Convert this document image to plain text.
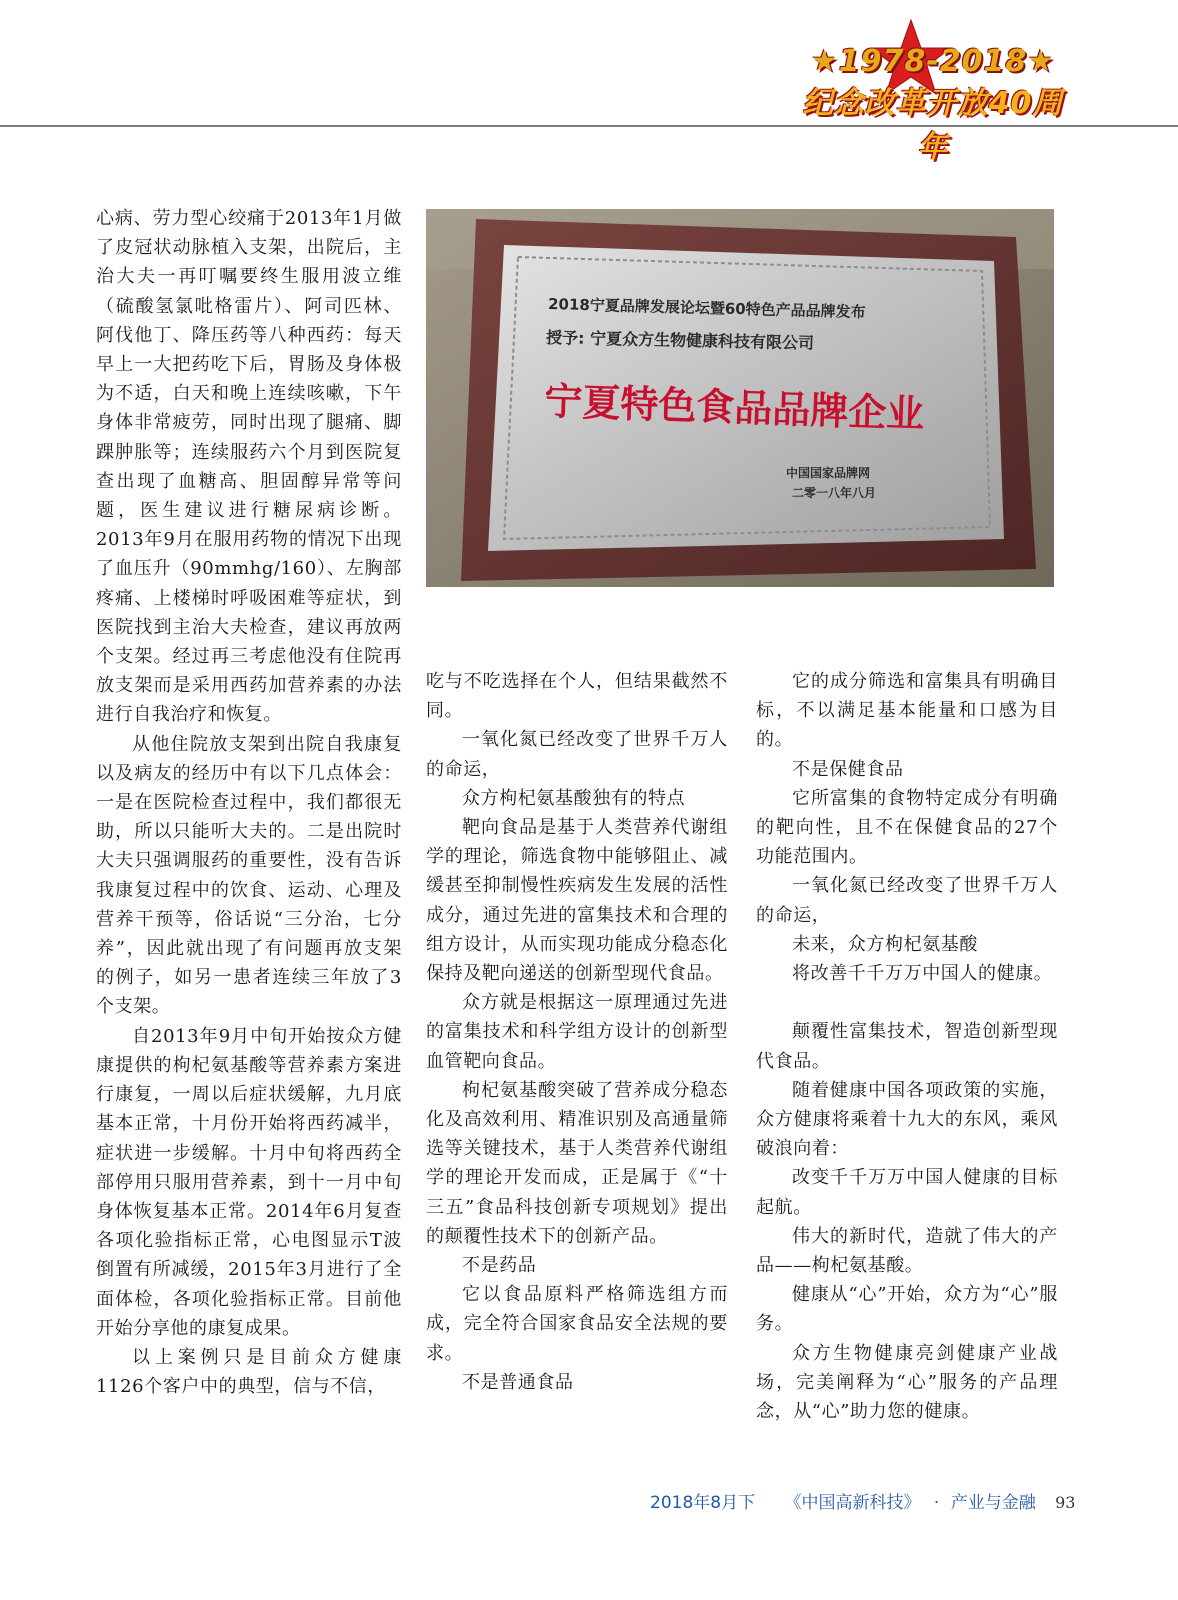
★1978-2018★
纪念改革开放40周年

心病、劳力型心绞痛于2013年1月做了皮冠状动脉植入支架，出院后，主治大夫一再叮嘱要终生服用波立维（硫酸氢氯吡格雷片）、阿司匹林、阿伐他丁、降压药等八种西药：每天早上一大把药吃下后，胃肠及身体极为不适，白天和晚上连续咳嗽，下午身体非常疲劳，同时出现了腿痛、脚踝肿胀等；连续服药六个月到医院复查出现了血糖高、胆固醇异常等问题，医生建议进行糖尿病诊断。2013年9月在服用药物的情况下出现了血压升（90mmhg/160）、左胸部疼痛、上楼梯时呼吸困难等症状，到医院找到主治大夫检查，建议再放两个支架。经过再三考虑他没有住院再放支架而是采用西药加营养素的办法进行自我治疗和恢复。

从他住院放支架到出院自我康复以及病友的经历中有以下几点体会：一是在医院检查过程中，我们都很无助，所以只能听大夫的。二是出院时大夫只强调服药的重要性，没有告诉我康复过程中的饮食、运动、心理及营养干预等，俗话说“三分治，七分养”，因此就出现了有问题再放支架的例子，如另一患者连续三年放了3个支架。

自2013年9月中旬开始按众方健康提供的枸杞氨基酸等营养素方案进行康复，一周以后症状缓解，九月底基本正常，十月份开始将西药减半，症状进一步缓解。十月中旬将西药全部停用只服用营养素，到十一月中旬身体恢复基本正常。2014年6月复查各项化验指标正常，心电图显示T波倒置有所减缓，2015年3月进行了全面体检，各项化验指标正常。目前他开始分享他的康复成果。

以上案例只是目前众方健康1126个客户中的典型，信与不信，

2018宁夏品牌发展论坛暨60特色产品品牌发布
授予: 宁夏众方生物健康科技有限公司
宁夏特色食品品牌企业
中国国家品牌网
二零一八年八月

吃与不吃选择在个人，但结果截然不同。

一氧化氮已经改变了世界千万人的命运，

众方枸杞氨基酸独有的特点

靶向食品是基于人类营养代谢组学的理论，筛选食物中能够阻止、减缓甚至抑制慢性疾病发生发展的活性成分，通过先进的富集技术和合理的组方设计，从而实现功能成分稳态化保持及靶向递送的创新型现代食品。

众方就是根据这一原理通过先进的富集技术和科学组方设计的创新型血管靶向食品。

枸杞氨基酸突破了营养成分稳态化及高效利用、精准识别及高通量筛选等关键技术，基于人类营养代谢组学的理论开发而成，正是属于《“十三五”食品科技创新专项规划》提出的颠覆性技术下的创新产品。

不是药品

它以食品原料严格筛选组方而成，完全符合国家食品安全法规的要求。

不是普通食品

它的成分筛选和富集具有明确目标，不以满足基本能量和口感为目的。

不是保健食品

它所富集的食物特定成分有明确的靶向性，且不在保健食品的27个功能范围内。

一氧化氮已经改变了世界千万人的命运，

未来，众方枸杞氨基酸

将改善千千万万中国人的健康。

颠覆性富集技术，智造创新型现代食品。

随着健康中国各项政策的实施，众方健康将乘着十九大的东风，乘风破浪向着：

改变千千万万中国人健康的目标起航。

伟大的新时代，造就了伟大的产品——枸杞氨基酸。

健康从“心”开始，众方为“心”服务。

众方生物健康亮剑健康产业战场，完美阐释为“心”服务的产品理念，从“心”助力您的健康。

2018年8月下 《中国高新科技》 · 产业与金融 93
